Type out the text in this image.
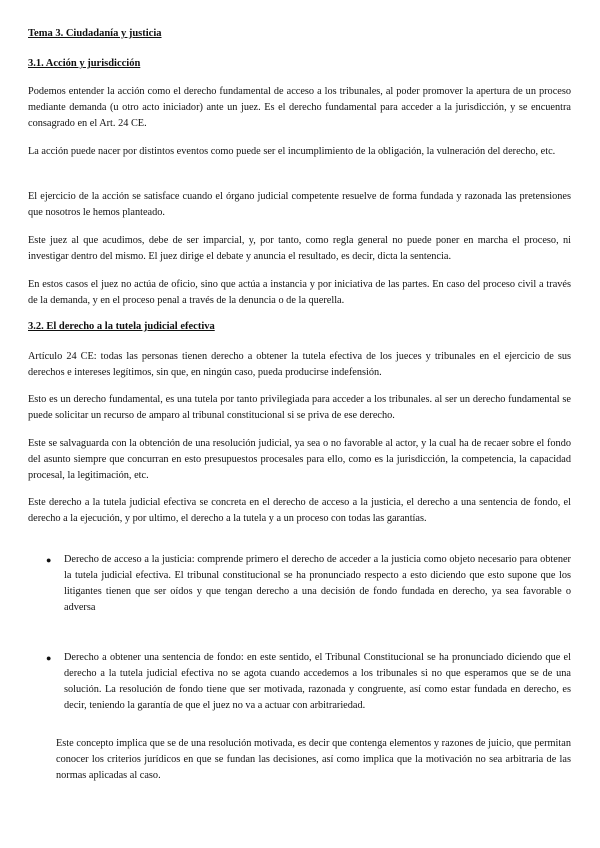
Tema 3. Ciudadanía y justicia
3.1. Acción y jurisdicción

Podemos entender la acción como el derecho fundamental de acceso a los tribunales, al poder promover la apertura de un proceso mediante demanda (u otro acto iniciador) ante un juez. Es el derecho fundamental para acceder a la jurisdicción, y se encuentra consagrado en el Art. 24 CE.

La acción puede nacer por distintos eventos como puede ser el incumplimiento de la obligación, la vulneración del derecho, etc.

El ejercicio de la acción se satisface cuando el órgano judicial competente resuelve de forma fundada y razonada las pretensiones que nosotros le hemos planteado.

Este juez al que acudimos, debe de ser imparcial, y, por tanto, como regla general no puede poner en marcha el proceso, ni investigar dentro del mismo. El juez dirige el debate y anuncia el resultado, es decir, dicta la sentencia.

En estos casos el juez no actúa de oficio, sino que actúa a instancia y por iniciativa de las partes. En caso del proceso civil a través de la demanda, y en el proceso penal a través de la denuncia o de la querella.

3.2. El derecho a la tutela judicial efectiva

Artículo 24 CE: todas las personas tienen derecho a obtener la tutela efectiva de los jueces y tribunales en el ejercicio de sus derechos e intereses legítimos, sin que, en ningún caso, pueda producirse indefensión.

Esto es un derecho fundamental, es una tutela por tanto privilegiada para acceder a los tribunales. al ser un derecho fundamental se puede solicitar un recurso de amparo al tribunal constitucional si se priva de ese derecho.

Este se salvaguarda con la obtención de una resolución judicial, ya sea o no favorable al actor, y la cual ha de recaer sobre el fondo del asunto siempre que concurran en esto presupuestos procesales para ello, como es la jurisdicción, la competencia, la capacidad procesal, la legitimación, etc.

Este derecho a la tutela judicial efectiva se concreta en el derecho de acceso a la justicia, el derecho a una sentencia de fondo, el derecho a la ejecución, y por ultimo, el derecho a la tutela y a un proceso con todas las garantías.

●	Derecho de acceso a la justicia: comprende primero el derecho de acceder a la justicia como objeto necesario para obtener la tutela judicial efectiva. El tribunal constitucional se ha pronunciado respecto a esto diciendo que esto supone que los litigantes tienen que ser oídos y que tengan derecho a una decisión de fondo fundada en derecho, ya sea favorable o adversa
●	Derecho a obtener una sentencia de fondo: en este sentido, el Tribunal Constitucional se ha pronunciado diciendo que el derecho a la tutela judicial efectiva no se agota cuando accedemos a los tribunales si no que esperamos que se de una solución. La resolución de fondo tiene que ser motivada, razonada y congruente, así como estar fundada en derecho, es decir, teniendo la garantía de que el juez no va a actuar con arbitrariedad.

Este concepto implica que se de una resolución motivada, es decir que contenga elementos y razones de juicio, que permitan conocer los criterios jurídicos en que se fundan las decisiones, así como implica que la motivación no sea arbitraria de las normas aplicadas al caso.
